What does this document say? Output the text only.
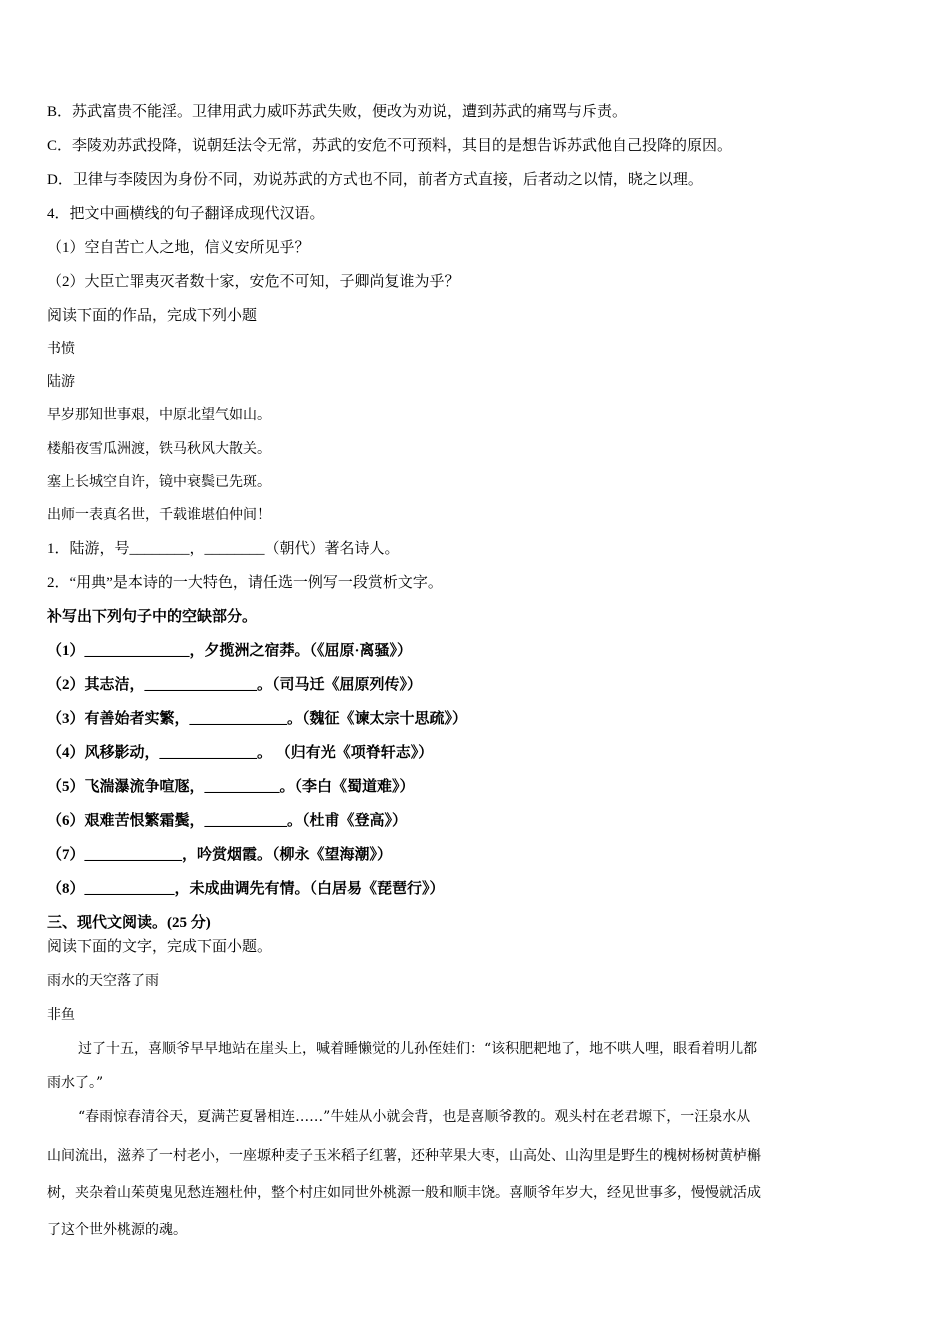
B．苏武富贵不能淫。卫律用武力威吓苏武失败，便改为劝说，遭到苏武的痛骂与斥责。
C．李陵劝苏武投降，说朝廷法令无常，苏武的安危不可预料，其目的是想告诉苏武他自己投降的原因。
D．卫律与李陵因为身份不同，劝说苏武的方式也不同，前者方式直接，后者动之以情，晓之以理。
4．把文中画横线的句子翻译成现代汉语。
（1）空自苦亡人之地，信义安所见乎？
（2）大臣亡罪夷灭者数十家，安危不可知，子卿尚复谁为乎？
阅读下面的作品，完成下列小题
书愤
陆游
早岁那知世事艰，中原北望气如山。
楼船夜雪瓜洲渡，铁马秋风大散关。
塞上长城空自许，镜中衰鬓已先斑。
出师一表真名世，千载谁堪伯仲间！
1．陆游，号________，________（朝代）著名诗人。
2．“用典”是本诗的一大特色，请任选一例写一段赏析文字。
补写出下列句子中的空缺部分。
（1）______________，夕揽洲之宿莽。（《屈原·离骚》）
（2）其志洁，_______________。（司马迁《屈原列传》）
（3）有善始者实繁，_____________。（魏征《谏太宗十思疏》）
（4）风移影动，_____________。 （归有光《项脊轩志》）
（5）飞湍瀑流争喧豗，__________。（李白《蜀道难》）
（6）艰难苦恨繁霜鬓，___________。（杜甫《登高》）
（7）_____________，吟赏烟霞。（柳永《望海潮》）
（8）____________，未成曲调先有情。（白居易《琵琶行》）
三、现代文阅读。(25 分)
阅读下面的文字，完成下面小题。
雨水的天空落了雨
非鱼
过了十五，喜顺爷早早地站在崖头上，喊着睡懒觉的儿孙侄娃们：“该积肥耙地了，地不哄人哩，眼看着明儿都
雨水了。”
“春雨惊春清谷天，夏满芒夏暑相连……”牛娃从小就会背，也是喜顺爷教的。观头村在老君塬下，一汪泉水从
山间流出，滋养了一村老小，一座塬种麦子玉米稻子红薯，还种苹果大枣，山高处、山沟里是野生的槐树杨树黄栌槲
树，夹杂着山茱萸鬼见愁连翘杜仲，整个村庄如同世外桃源一般和顺丰饶。喜顺爷年岁大，经见世事多，慢慢就活成
了这个世外桃源的魂。
